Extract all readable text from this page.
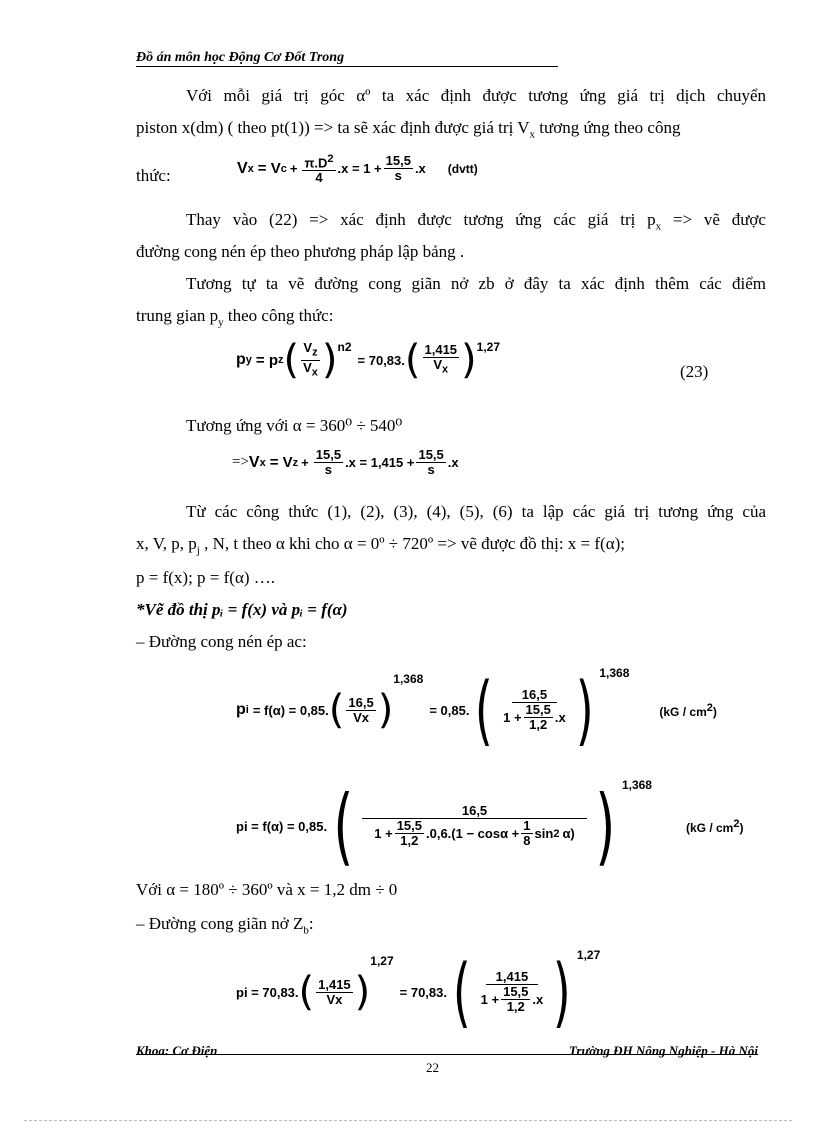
Đồ án môn học Động Cơ Đốt Trong
Với mỗi giá trị góc αº ta xác định được tương ứng giá trị dịch chuyển
piston x(dm) ( theo pt(1)) => ta sẽ xác định được giá trị $V_x$ tương ứng theo công
thức:	V x = V $c + \frac{\pi.D^2}{4} .x = 1 + \frac{15,5}{s} .x$ (dvtt)
Thay vào (22) => xác định được tương ứng các giá trị $p_x$ => vẽ được
đường cong nén ép theo phương pháp lập bảng .
Tương tự ta vẽ đường cong giãn nở zb ở đây ta xác định thêm các điểm
trung gian $p_y$ theo công thức:
p y = p z ( $\frac{V_z}{V_x}$ ) n2
= 70,83. ( $\frac{1,415}{V_x}$ ) 1,27
(23)
Tương ứng với α = 360⁰ ÷ 540⁰
=> V x = V $z + \frac{15,5}{s} .x = 1,415 + \frac{15,5}{s} .x$
Từ các công thức (1), (2), (3), (4), (5), (6) ta lập các giá trị tương ứng của
x, V, p, $p_j$ , N, t theo α khi cho α = 0º ÷ 720º => vẽ được đồ thị: x = f(α);
p = f(x); p = f(α) ….
*Vẽ đồ thị pᵢ = f(x) và pᵢ = f(α)
– Đường cong nén ép ac:
p i = f(α) = 0,85. ( $\frac{16,5}{Vx}$ )
1,368
= 0,85. ( $\frac{16,5}{1 + \frac{15,5}{1,2} .x}$ ) 1,368
$(kG / cm^2)$
pi = f(α) = 0,85. ( $\frac{16,5}{1 + \frac{15,5}{1,2} .0,6.(1 - \cos\alpha + \frac{1}{8} \sin 2 \alpha)}$ ) 1,368
$(kG / cm^2)$
Với α = 180º ÷ 360º và x = 1,2 dm ÷ 0
– Đường cong giãn nở $Z_b$:
pi = 70,83. ( $\frac{1,415}{Vx}$ )
1,27
= 70,83. ( $\frac{1,415}{1 + \frac{15,5}{1,2} .x}$ ) 1,27
Khoa: Cơ Điện	Trường ĐH Nông Nghiệp - Hà Nội
22
